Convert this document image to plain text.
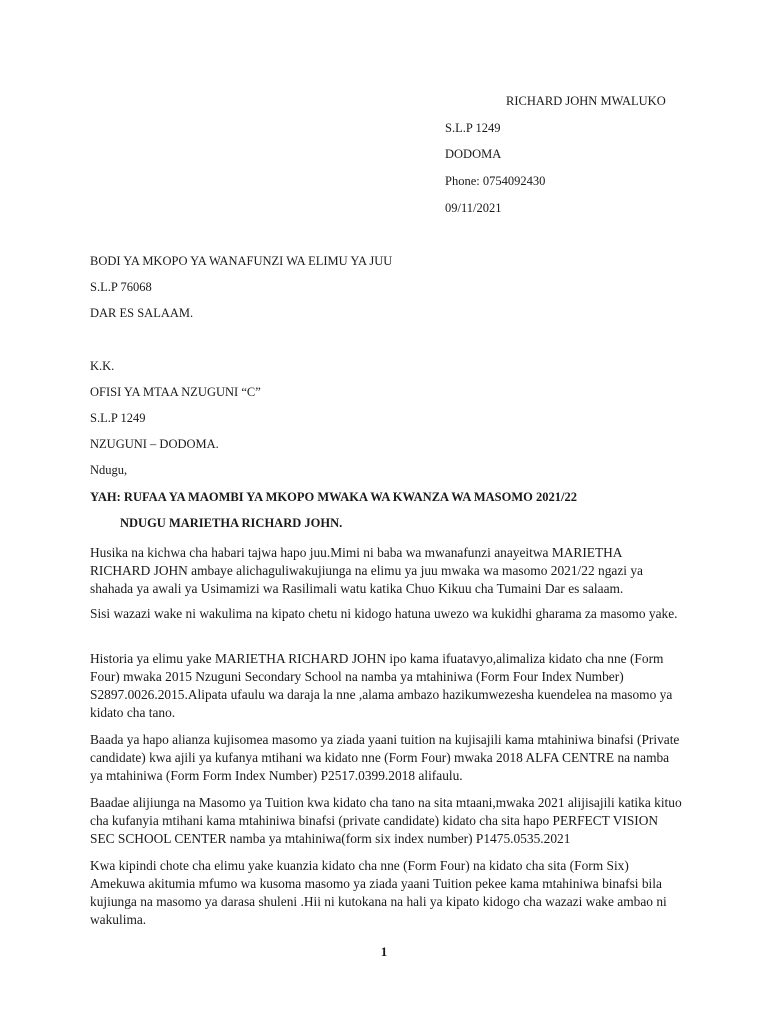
RICHARD JOHN MWALUKO
S.L.P 1249
DODOMA
Phone: 0754092430
09/11/2021
BODI YA MKOPO YA WANAFUNZI WA ELIMU YA JUU
S.L.P 76068
DAR ES SALAAM.
K.K.
OFISI YA MTAA NZUGUNI “C”
S.L.P 1249
NZUGUNI – DODOMA.
Ndugu,
YAH: RUFAA YA MAOMBI YA MKOPO MWAKA WA KWANZA WA MASOMO 2021/22
NDUGU MARIETHA RICHARD JOHN.

Husika na kichwa cha habari tajwa hapo juu.Mimi ni baba wa mwanafunzi anayeitwa MARIETHA RICHARD JOHN ambaye alichaguliwakujiunga na elimu ya juu mwaka wa masomo 2021/22 ngazi ya shahada ya awali ya Usimamizi wa Rasilimali watu katika Chuo Kikuu cha Tumaini Dar es salaam.

Sisi wazazi wake ni wakulima na kipato chetu ni kidogo hatuna uwezo wa kukidhi gharama za masomo yake.

Historia ya elimu yake MARIETHA RICHARD JOHN ipo kama ifuatavyo,alimaliza kidato cha nne (Form Four) mwaka 2015 Nzuguni Secondary School na namba ya mtahiniwa (Form Four Index Number) S2897.0026.2015.Alipata ufaulu wa daraja la nne ,alama ambazo hazikumwezesha kuendelea na masomo ya kidato cha tano.

Baada ya hapo alianza kujisomea masomo ya ziada yaani tuition na kujisajili kama mtahiniwa binafsi (Private candidate) kwa ajili ya kufanya mtihani wa kidato nne (Form Four) mwaka 2018 ALFA CENTRE na namba ya mtahiniwa (Form Form Index Number) P2517.0399.2018 alifaulu.

Baadae alijiunga na Masomo ya Tuition kwa kidato cha tano na sita mtaani,mwaka 2021 alijisajili katika kituo cha kufanyia mtihani kama mtahiniwa binafsi (private candidate) kidato cha sita hapo PERFECT VISION SEC SCHOOL CENTER namba ya mtahiniwa(form six index number) P1475.0535.2021

Kwa kipindi chote cha elimu yake kuanzia kidato cha nne (Form Four) na kidato cha sita (Form Six) Amekuwa akitumia mfumo wa kusoma masomo ya ziada yaani Tuition pekee kama mtahiniwa binafsi bila kujiunga na masomo ya darasa shuleni .Hii ni kutokana na hali ya kipato kidogo cha wazazi wake ambao ni wakulima.

1
